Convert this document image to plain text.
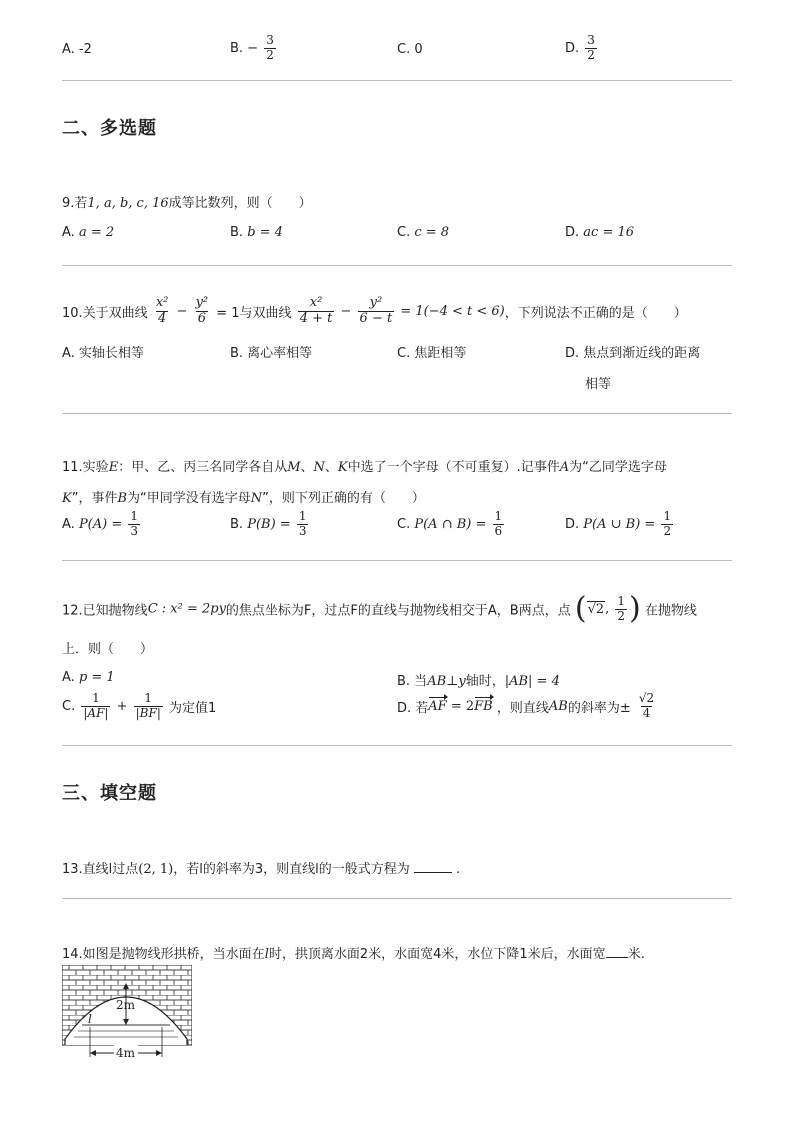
A. -2	B. − $\frac{3}{2}$	C. 0	D. $\frac{3}{2}$
二、多选题
9.若1, a, b, c, 16成等比数列，则（　　）
A. a = 2	B. b = 4	C. c = 8	D. ac = 16
10.关于双曲线 $\frac{\text{x²}}{4} - \frac{\text{y²}}{6} = 1$与双曲线 $\frac{\text{x²}}{4 + t} - \frac{\text{y²}}{6 - t} = 1(-4 < t < 6)$，下列说法不正确的是（　　）
A. 实轴长相等	B. 离心率相等	C. 焦距相等	D. 焦点到渐近线的距离
相等
11.实验E：甲、乙、丙三名同学各自从M、N、K中选了一个字母（不可重复）.记事件A为“乙同学选字母
K”，事件B为“甲同学没有选字母N”，则下列正确的有（　　）
A. $P(A) = \frac{1}{3}$	B. $P(B) = \frac{1}{3}$	C. P(A ∩ $B) = \frac{1}{6}$	D. P(A ∪ $B) = \frac{1}{2}$
12.已知抛物线C : x² = 2py的焦点坐标为F，过点F的直线与抛物线相交于A，B两点，点 (√2, $\frac{1}{2}$ ) 在抛物线
上．则（　　）
A. p = 1	B. 当AB⊥y轴时，|AB| = 4
C. $\frac{1}{|AF|} + \frac{1}{|BF|}$ 为定值1	D. 若AF = 2FB ，则直线AB的斜率为± $\frac{√2}{4}$
三、填空题
13.直线l过点(2, 1)，若l的斜率为3，则直线l的一般式方程为	.
14.如图是抛物线形拱桥，当水面在l时，拱顶离水面2米，水面宽4米，水位下降1米后，水面宽 米.
2m
l
4m
